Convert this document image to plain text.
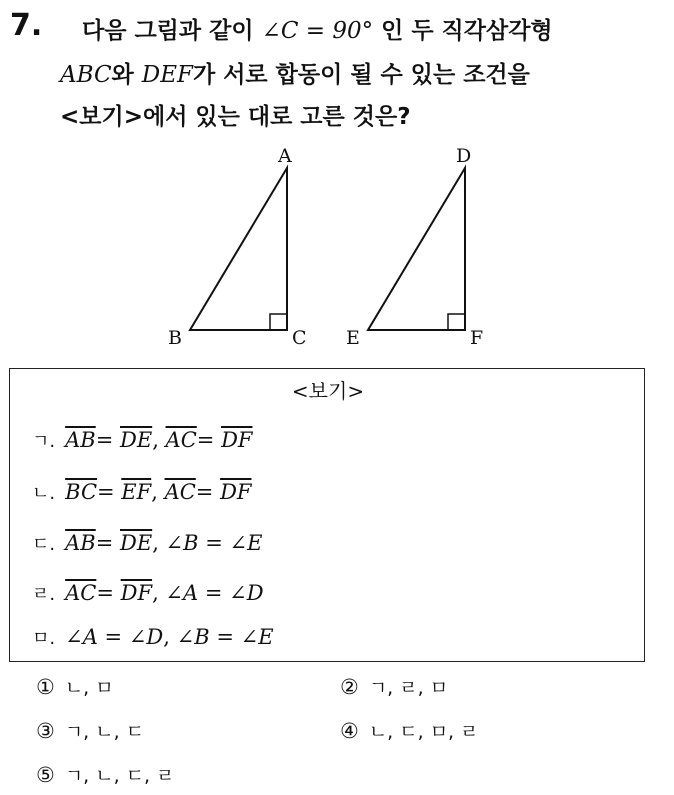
7. 다음 그림과 같이 ∠C = 90° 인 두 직각삼각형
ABC와 DEF가 서로 합동이 될 수 있는 조건을
<보기>에서 있는 대로 고른 것은?
A
B	C
D
E	F
<보기>
ㄱ. $\overline{AB}= \overline{DE}$, $\overline{AC}= \overline{DF}$
ㄴ. $\overline{BC}= \overline{EF}$, $\overline{AC}= \overline{DF}$
ㄷ. $\overline{AB}= \overline{DE}$, ∠B = ∠E
ㄹ. $\overline{AC}= \overline{DF}$, ∠A = ∠D
ㅁ. ∠A = ∠D, ∠B = ∠E
① ㄴ, ㅁ	② ㄱ, ㄹ, ㅁ
③ ㄱ, ㄴ, ㄷ	④ ㄴ, ㄷ, ㅁ, ㄹ
⑤ ㄱ, ㄴ, ㄷ, ㄹ
